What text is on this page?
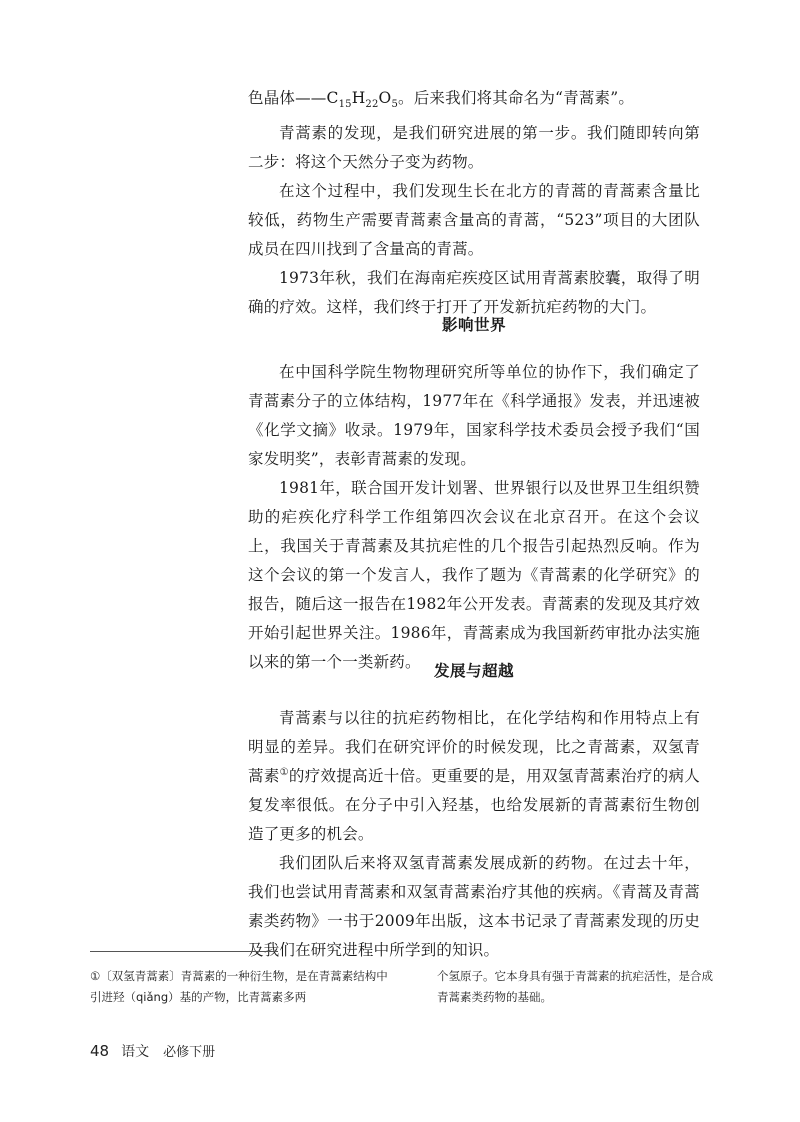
色晶体$——C_{15}H_{22}O_5$。后来我们将其命名为“青蒿素”。

青蒿素的发现，是我们研究进展的第一步。我们随即转向第二步：将这个天然分子变为药物。

在这个过程中，我们发现生长在北方的青蒿的青蒿素含量比较低，药物生产需要青蒿素含量高的青蒿，“523”项目的大团队成员在四川找到了含量高的青蒿。

1973年秋，我们在海南疟疾疫区试用青蒿素胶囊，取得了明确的疗效。这样，我们终于打开了开发新抗疟药物的大门。

影响世界

在中国科学院生物物理研究所等单位的协作下，我们确定了青蒿素分子的立体结构，1977年在《科学通报》发表，并迅速被《化学文摘》收录。1979年，国家科学技术委员会授予我们“国家发明奖”，表彰青蒿素的发现。

1981年，联合国开发计划署、世界银行以及世界卫生组织赞助的疟疾化疗科学工作组第四次会议在北京召开。在这个会议上，我国关于青蒿素及其抗疟性的几个报告引起热烈反响。作为这个会议的第一个发言人，我作了题为《青蒿素的化学研究》的报告，随后这一报告在1982年公开发表。青蒿素的发现及其疗效开始引起世界关注。1986年，青蒿素成为我国新药审批办法实施以来的第一个一类新药。 发展与超越

青蒿素与以往的抗疟药物相比，在化学结构和作用特点上有明显的差异。我们在研究评价的时候发现，比之青蒿素，双氢青蒿素①的疗效提高近十倍。更重要的是，用双氢青蒿素治疗的病人复发率很低。在分子中引入羟基，也给发展新的青蒿素衍生物创造了更多的机会。

我们团队后来将双氢青蒿素发展成新的药物。在过去十年，我们也尝试用青蒿素和双氢青蒿素治疗其他的疾病。《青蒿及青蒿素类药物》一书于2009年出版，这本书记录了青蒿素发现的历史及我们在研究进程中所学到的知识。

①〔双氢青蒿素〕青蒿素的一种衍生物，是在青蒿素结构中引进羟（qiǎng）基的产物，比青蒿素多两
个氢原子。它本身具有强于青蒿素的抗疟活性，是合成青蒿素类药物的基础。
48 语文 必修下册
